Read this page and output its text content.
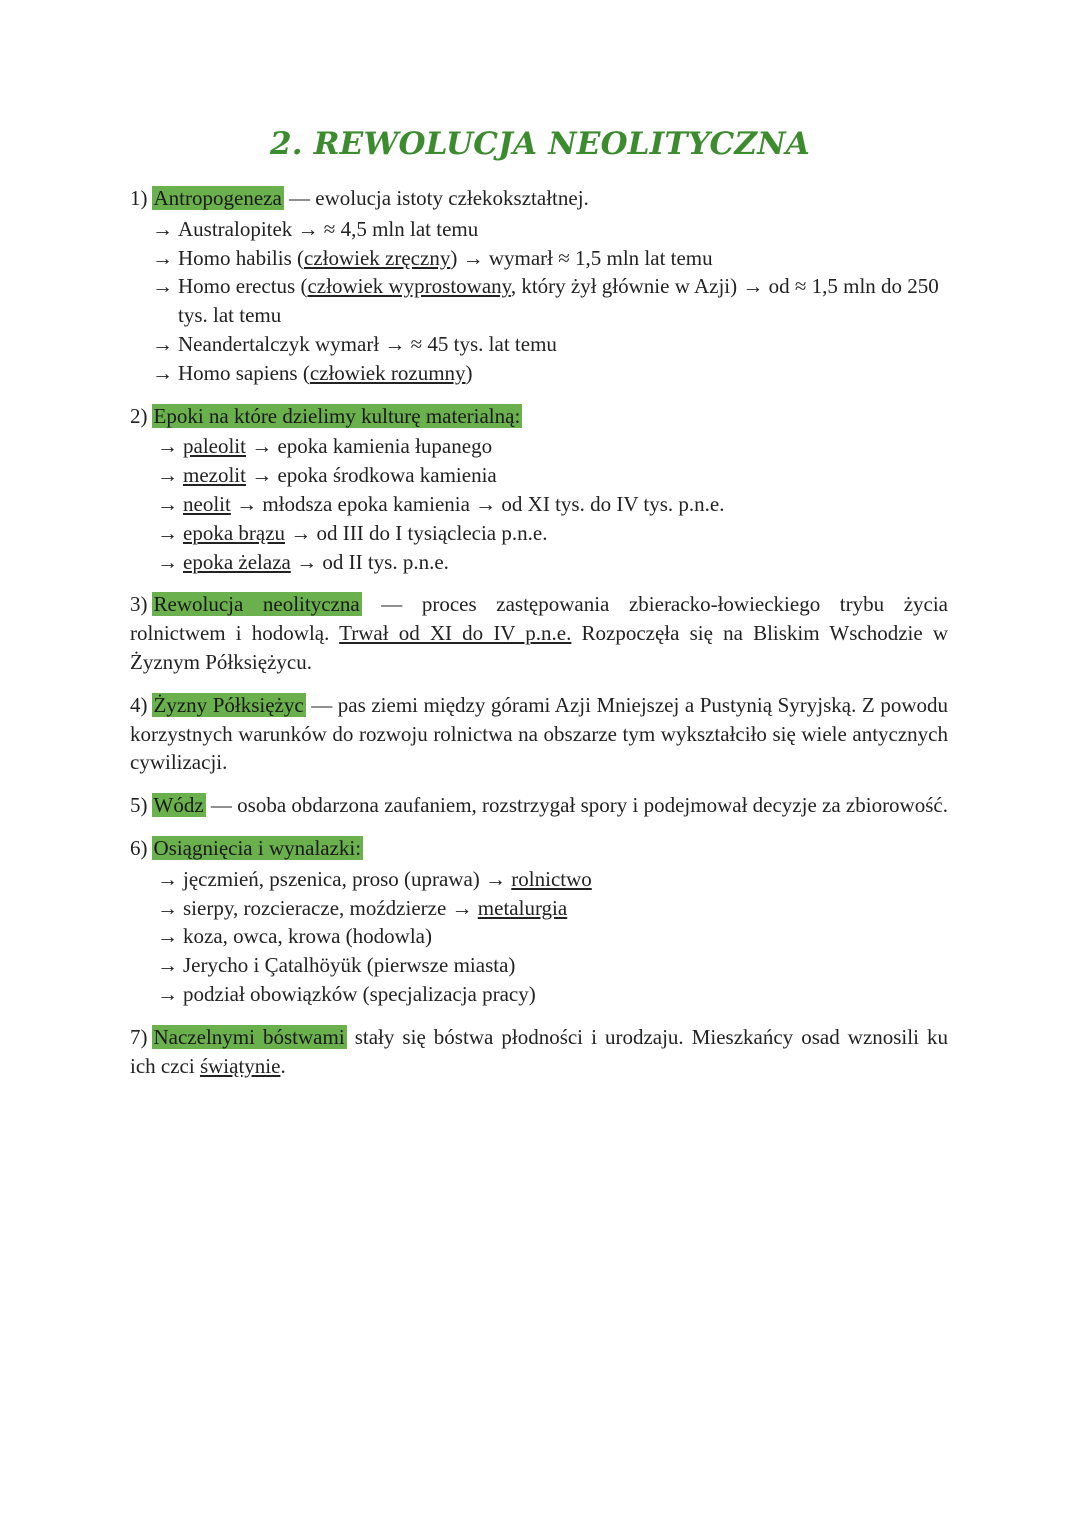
2. REWOLUCJA NEOLITYCZNA
1) Antropogeneza — ewolucja istoty człekokształtnej.
→ Australopitek → ≈ 4,5 mln lat temu
→ Homo habilis (człowiek zręczny) → wymarł ≈ 1,5 mln lat temu
→ Homo erectus (człowiek wyprostowany, który żył głównie w Azji) → od ≈ 1,5 mln do 250 tys. lat temu
→ Neandertalczyk wymarł → ≈ 45 tys. lat temu
→ Homo sapiens (człowiek rozumny)
2) Epoki na które dzielimy kulturę materialną:
→ paleolit → epoka kamienia łupanego
→ mezolit → epoka środkowa kamienia
→ neolit → młodsza epoka kamienia → od XI tys. do IV tys. p.n.e.
→ epoka brązu → od III do I tysiąclecia p.n.e.
→ epoka żelaza → od II tys. p.n.e.
3) Rewolucja neolityczna — proces zastępowania zbieracko-łowieckiego trybu życia rolnictwem i hodowlą. Trwał od XI do IV p.n.e. Rozpoczęła się na Bliskim Wschodzie w Żyznym Półksiężycu.
4) Żyzny Półksiężyc — pas ziemi między górami Azji Mniejszej a Pustynią Syryjską. Z powodu korzystnych warunków do rozwoju rolnictwa na obszarze tym wykształciło się wiele antycznych cywilizacji.
5) Wódz — osoba obdarzona zaufaniem, rozstrzygał spory i podejmował decyzje za zbiorowość.
6) Osiągnięcia i wynalazki:
→ jęczmień, pszenica, proso (uprawa) → rolnictwo
→ sierpy, rozcieracze, moździerze → metalurgia
→ koza, owca, krowa (hodowla)
→ Jerycho i Çatalhöyük (pierwsze miasta)
→ podział obowiązków (specjalizacja pracy)
7) Naczelnymi bóstwami stały się bóstwa płodności i urodzaju. Mieszkańcy osad wznosili ku ich czci świątynie.
